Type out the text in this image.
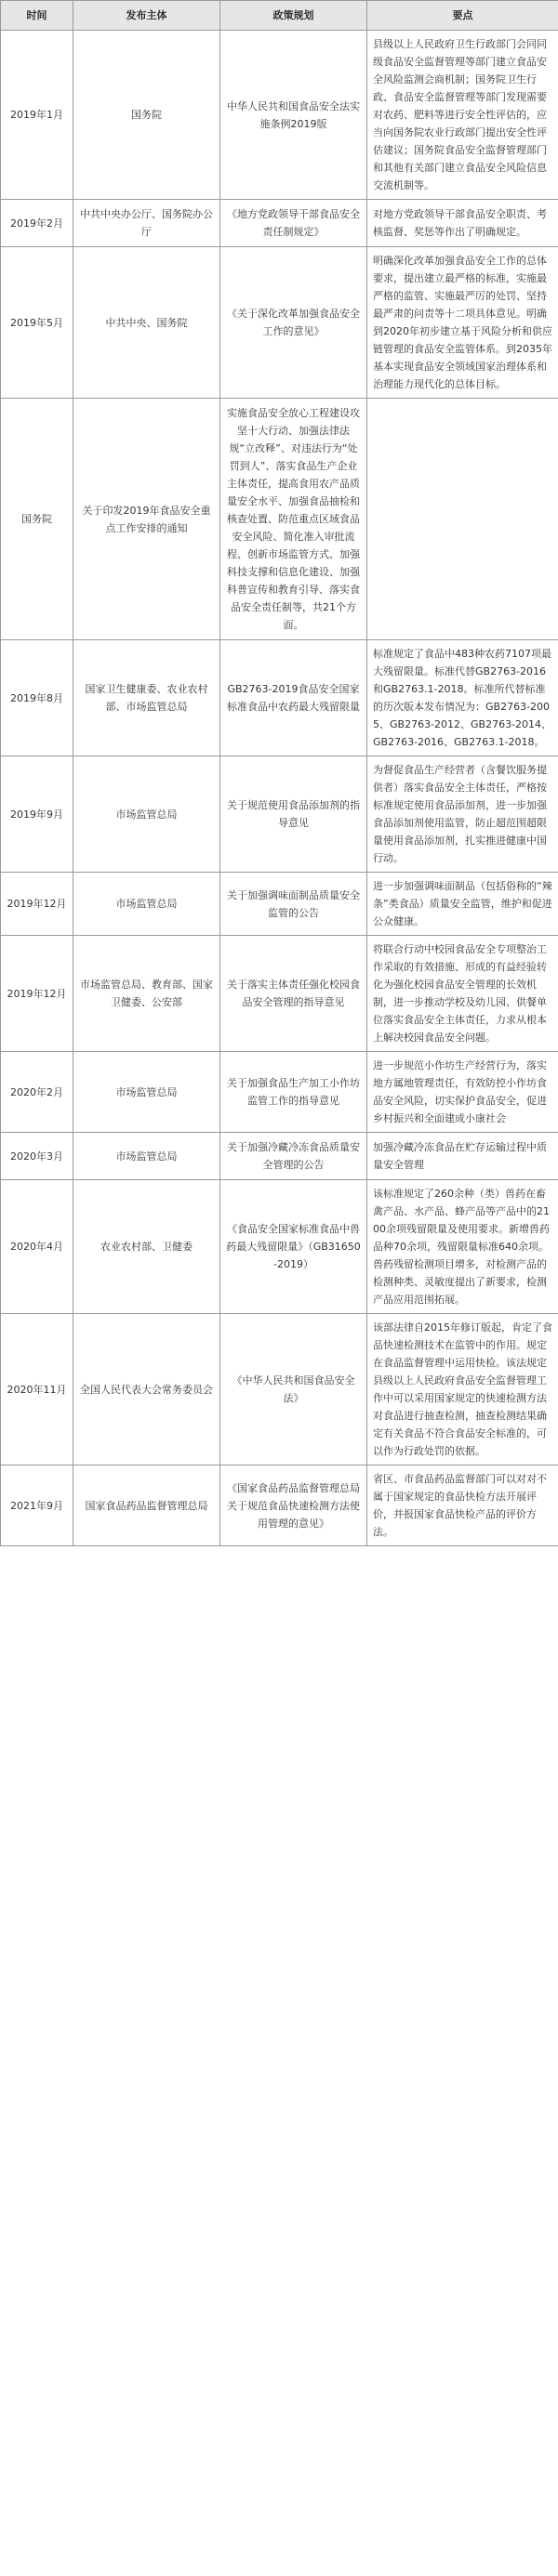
时间	发布主体	政策规划	要点
2019年1月	国务院	中华人民共和国食品安全法实施条例2019版	县级以上人民政府卫生行政部门会同同级食品安全监督管理等部门建立食品安全风险监测会商机制；国务院卫生行政、食品安全监督管理等部门发现需要对农药、肥料等进行安全性评估的，应当向国务院农业行政部门提出安全性评估建议；国务院食品安全监督管理部门和其他有关部门建立食品安全风险信息交流机制等。
2019年2月	中共中央办公厅、国务院办公厅	《地方党政领导干部食品安全责任制规定》	对地方党政领导干部食品安全职责、考核监督、奖惩等作出了明确规定。
2019年5月	中共中央、国务院	《关于深化改革加强食品安全工作的意见》	明确深化改革加强食品安全工作的总体要求，提出建立最严格的标准，实施最严格的监管、实施最严厉的处罚、坚持最严肃的问责等十二项具体意见。明确到2020年初步建立基于风险分析和供应链管理的食品安全监管体系。到2035年基本实现食品安全领域国家治理体系和治理能力现代化的总体目标。
国务院	关于印发2019年食品安全重点工作安排的通知	实施食品安全放心工程建设攻坚十大行动、加强法律法规“立改释”、对违法行为“处罚到人”、落实食品生产企业主体责任，提高食用农产品质量安全水平、加强食品抽检和核查处置、防范重点区域食品安全风险、简化准入审批流程、创新市场监管方式、加强科技支撑和信息化建设、加强科普宣传和教育引导、落实食品安全责任制等，共21个方面。	
2019年8月	国家卫生健康委、农业农村部、市场监管总局	GB2763-2019食品安全国家标准食品中农药最大残留限量	标准规定了食品中483种农药7107项最大残留限量。标准代替GB2763-2016和GB2763.1-2018。标准所代替标准的历次版本发布情况为：GB2763-2005、GB2763-2012、GB2763-2014、GB2763-2016、GB2763.1-2018。
2019年9月	市场监管总局	关于规范使用食品添加剂的指导意见	为督促食品生产经营者（含餐饮服务提供者）落实食品安全主体责任，严格按标准规定使用食品添加剂，进一步加强食品添加剂使用监管，防止超范围超限量使用食品添加剂，扎实推进健康中国行动。
2019年12月	市场监管总局	关于加强调味面制品质量安全监管的公告	进一步加强调味面制品（包括俗称的“辣条”类食品）质量安全监管，维护和促进公众健康。
2019年12月	市场监管总局、教育部、国家卫健委、公安部	关于落实主体责任强化校园食品安全管理的指导意见	将联合行动中校园食品安全专项整治工作采取的有效措施、形成的有益经验转化为强化校园食品安全管理的长效机制，进一步推动学校及幼儿园、供餐单位落实食品安全主体责任，力求从根本上解决校园食品安全问题。
2020年2月	市场监管总局	关于加强食品生产加工小作坊监管工作的指导意见	进一步规范小作坊生产经营行为，落实地方属地管理责任，有效防控小作坊食品安全风险，切实保护食品安全，促进乡村振兴和全面建成小康社会
2020年3月	市场监管总局	关于加强冷藏冷冻食品质量安全管理的公告	加强冷藏冷冻食品在贮存运输过程中质量安全管理
2020年4月	农业农村部、卫健委	《食品安全国家标准食品中兽药最大残留限量》（GB31650-2019）	该标准规定了260余种（类）兽药在畜禽产品、水产品、蜂产品等产品中的2100余项残留限量及使用要求。新增兽药品种70余项，残留限量标准640余项。兽药残留检测项目增多，对检测产品的检测种类、灵敏度提出了新要求，检测产品应用范围拓展。
2020年11月	全国人民代表大会常务委员会	《中华人民共和国食品安全法》	该部法律自2015年修订版起，肯定了食品快速检测技术在监管中的作用。规定在食品监督管理中运用快检。该法规定县级以上人民政府食品安全监督管理工作中可以采用国家规定的快速检测方法对食品进行抽查检测，抽查检测结果确定有关食品不符合食品安全标准的，可以作为行政处罚的依据。
2021年9月	国家食品药品监督管理总局	《国家食品药品监督管理总局关于规范食品快速检测方法使用管理的意见》	省区、市食品药品监督部门可以对对不属于国家规定的食品快检方法开展评价，并报国家食品快检产品的评价方法。
